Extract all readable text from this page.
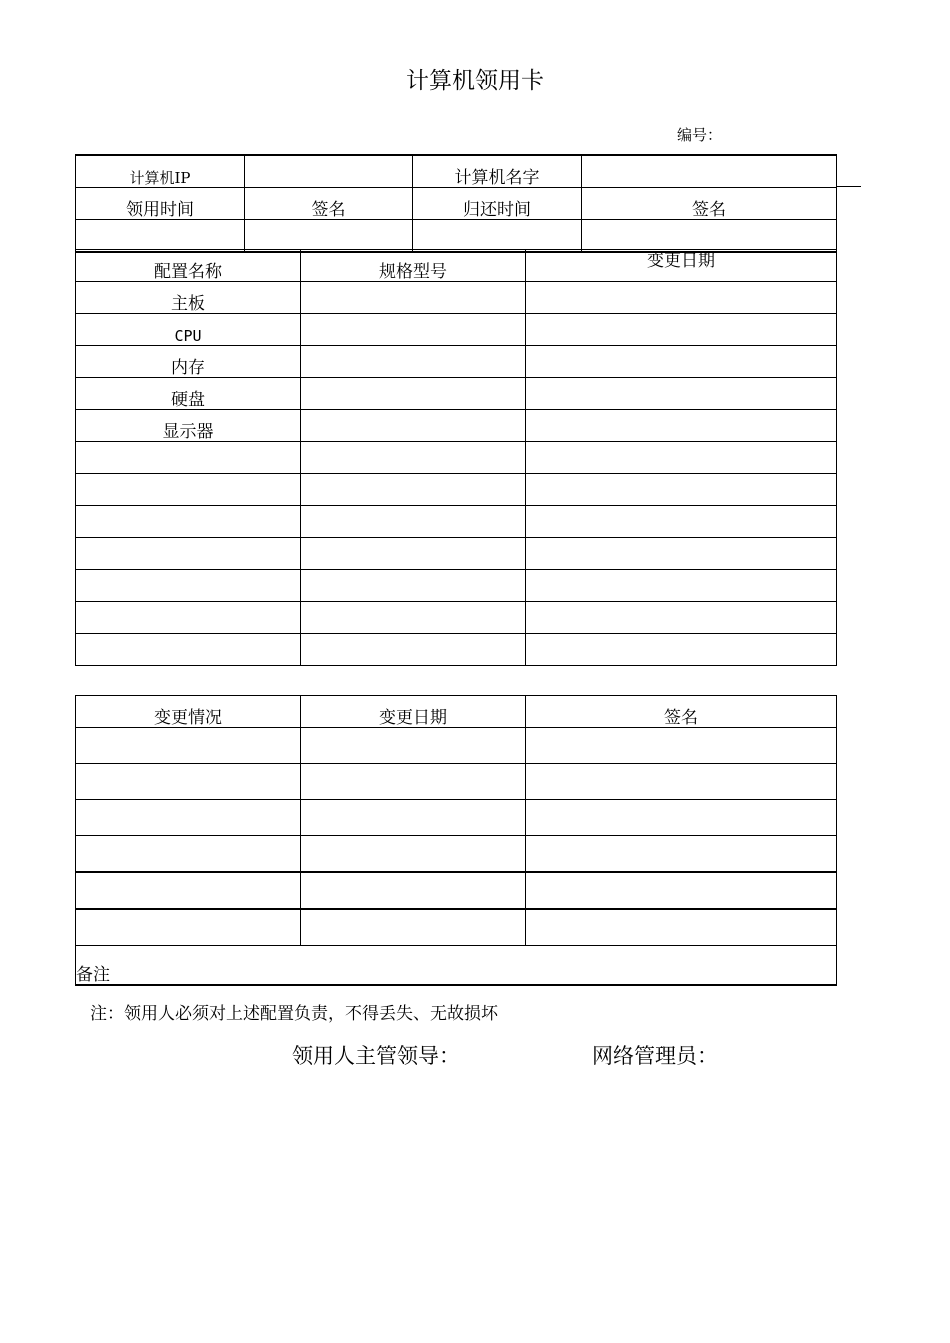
计算机领用卡
编号：
计算机IP		计算机名字	
领用时间	签名	归还时间	签名

配置名称	规格型号	变更日期
主板		
CPU		
内存		
硬盘		
显示器		

变更情况	变更日期	签名

备注		
注：领用人必须对上述配置负责，不得丢失、无故损坏
领用人主管领导：	网络管理员：
